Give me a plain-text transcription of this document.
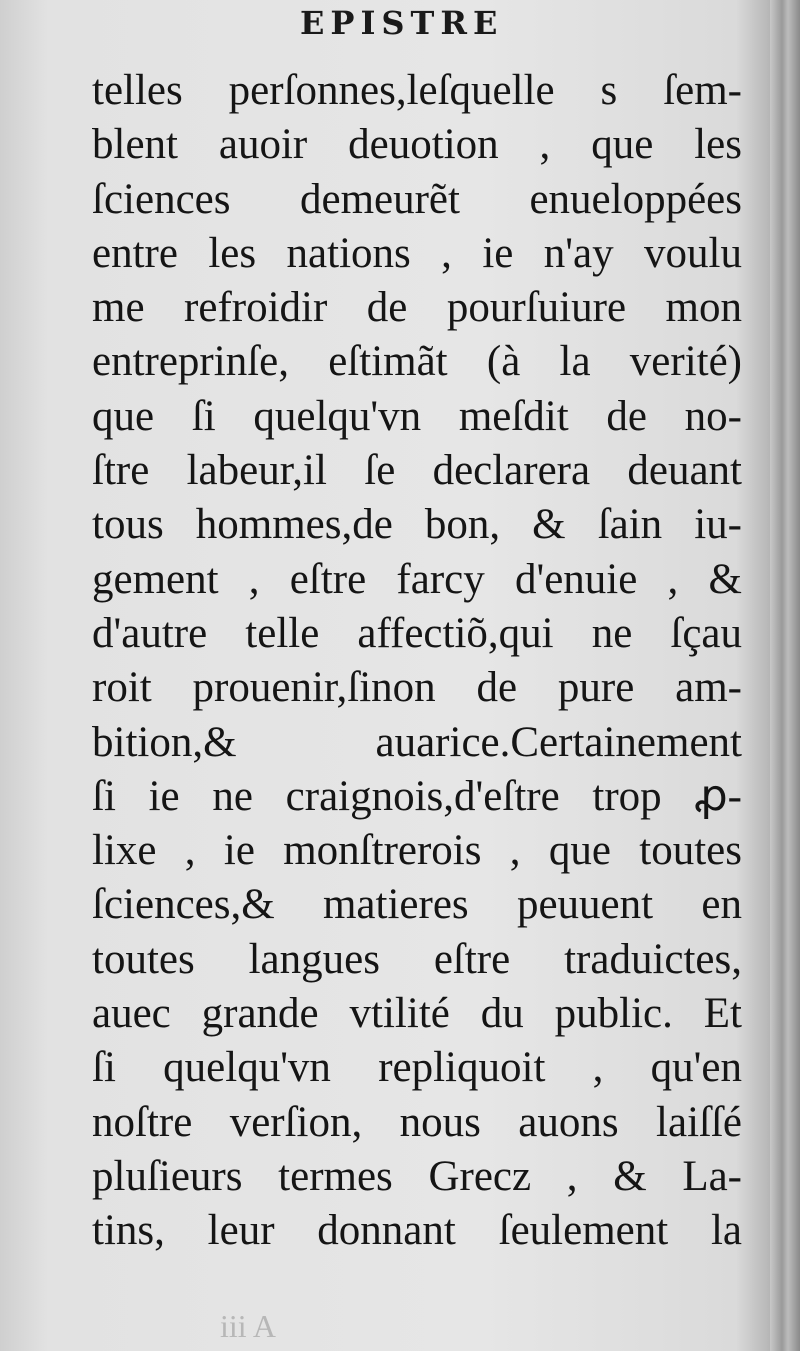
EPISTRE
telles perſonnes,leſquelle s ſem-
blent auoir deuotion , que les
ſciences demeurẽt enueloppées
entre les nations , ie n'ay voulu
me refroidir de pourſuiure mon
entreprinſe, eſtimãt (à la verité)
que ſi quelqu'vn meſdit de no-
ſtre labeur,il ſe declarera deuant
tous hommes,de bon, & ſain iu-
gement , eſtre farcy d'enuie , &
d'autre telle affectiõ,qui ne ſçau
roit prouenir,ſinon de pure am-
bition,& auarice.Certainement
ſi ie ne craignois,d'eſtre trop ꝓ-
lixe , ie monſtrerois , que toutes
ſciences,& matieres peuuent en
toutes langues eſtre traduictes,
auec grande vtilité du public. Et
ſi quelqu'vn repliquoit , qu'en
noſtre verſion, nous auons laiſſé
pluſieurs termes Grecz , & La-
tins, leur donnant ſeulement la
iii A
